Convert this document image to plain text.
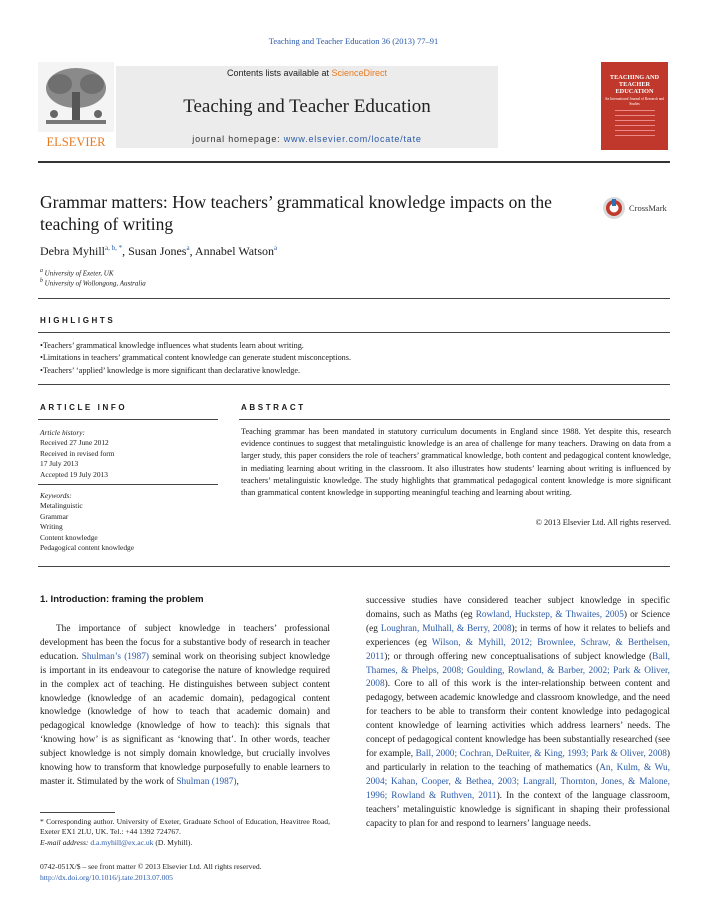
Teaching and Teacher Education 36 (2013) 77–91
ELSEVIER
Contents lists available at ScienceDirect
Teaching and Teacher Education
journal homepage: www.elsevier.com/locate/tate
TEACHING AND TEACHER EDUCATION
An International Journal of Research and Studies
Grammar matters: How teachers’ grammatical knowledge impacts on the teaching of writing
CrossMark
Debra Myhill$^{a, b, *}$, Susan Jones$^a$, Annabel Watson$^a$
$^a$ University of Exeter, UK
$^b$ University of Wollongong, Australia
HIGHLIGHTS
• Teachers’ grammatical knowledge influences what students learn about writing.
• Limitations in teachers’ grammatical content knowledge can generate student misconceptions.
• Teachers’ ‘applied’ knowledge is more significant than declarative knowledge.
ARTICLE INFO
Article history:
Received 27 June 2012
Received in revised form
17 July 2013
Accepted 19 July 2013
Keywords:
Metalinguistic
Grammar
Writing
Content knowledge
Pedagogical content knowledge
ABSTRACT
Teaching grammar has been mandated in statutory curriculum documents in England since 1988. Yet despite this, research evidence continues to suggest that metalinguistic knowledge is an area of challenge for many teachers. Drawing on data from a larger study, this paper considers the role of teachers’ grammatical knowledge, both content and pedagogical content knowledge, in mediating learning about writing in the classroom. It also illustrates how students’ learning about writing is influenced by teachers’ metalinguistic knowledge. The study highlights that grammatical pedagogical content knowledge is more significant than grammatical content knowledge in supporting meaningful teaching and learning about writing.
© 2013 Elsevier Ltd. All rights reserved.
1. Introduction: framing the problem
The importance of subject knowledge in teachers’ professional development has been the focus for a substantive body of research in teacher education. Shulman’s (1987) seminal work on theorising subject knowledge is important in its endeavour to categorise the nature of knowledge required in the complex act of teaching. He distinguishes between subject content knowledge (knowledge of an academic domain), pedagogical content knowledge (knowledge of how to teach that academic domain) and pedagogical knowledge (knowledge of how to teach): this signals that ‘knowing how’ is as significant as ‘knowing that’. In other words, teacher subject knowledge is not simply domain knowledge, but crucially involves knowing how to transform that knowledge purposefully to enable learners to master it. Stimulated by the work of Shulman (1987),
successive studies have considered teacher subject knowledge in specific domains, such as Maths (eg Rowland, Huckstep, & Thwaites, 2005) or Science (eg Loughran, Mulhall, & Berry, 2008); in terms of how it relates to beliefs and experiences (eg Wilson, & Myhill, 2012; Brownlee, Schraw, & Berthelsen, 2011); or through offering new conceptualisations of subject knowledge (Ball, Thames, & Phelps, 2008; Goulding, Rowland, & Barber, 2002; Park & Oliver, 2008). Core to all of this work is the inter-relationship between content and pedagogy, between academic knowledge and classroom knowledge, and the need for teachers to be able to transform their content knowledge into pedagogical content knowledge of learning activities which address learners’ needs. The concept of pedagogical content knowledge has been substantially researched (see for example, Ball, 2000; Cochran, DeRuiter, & King, 1993; Park & Oliver, 2008) and particularly in relation to the teaching of mathematics (An, Kulm, & Wu, 2004; Kahan, Cooper, & Bethea, 2003; Langrall, Thornton, Jones, & Malone, 1996; Rowland & Ruthven, 2011). In the context of the language classroom, teachers’ metalinguistic knowledge is significant in shaping their professional capacity to plan for and respond to learners’ language needs.
* Corresponding author. University of Exeter, Graduate School of Education, Heavitree Road, Exeter EX1 2LU, UK. Tel.: +44 1392 724767.
E-mail address: d.a.myhill@ex.ac.uk (D. Myhill).
0742-051X/$ – see front matter © 2013 Elsevier Ltd. All rights reserved.
http://dx.doi.org/10.1016/j.tate.2013.07.005
